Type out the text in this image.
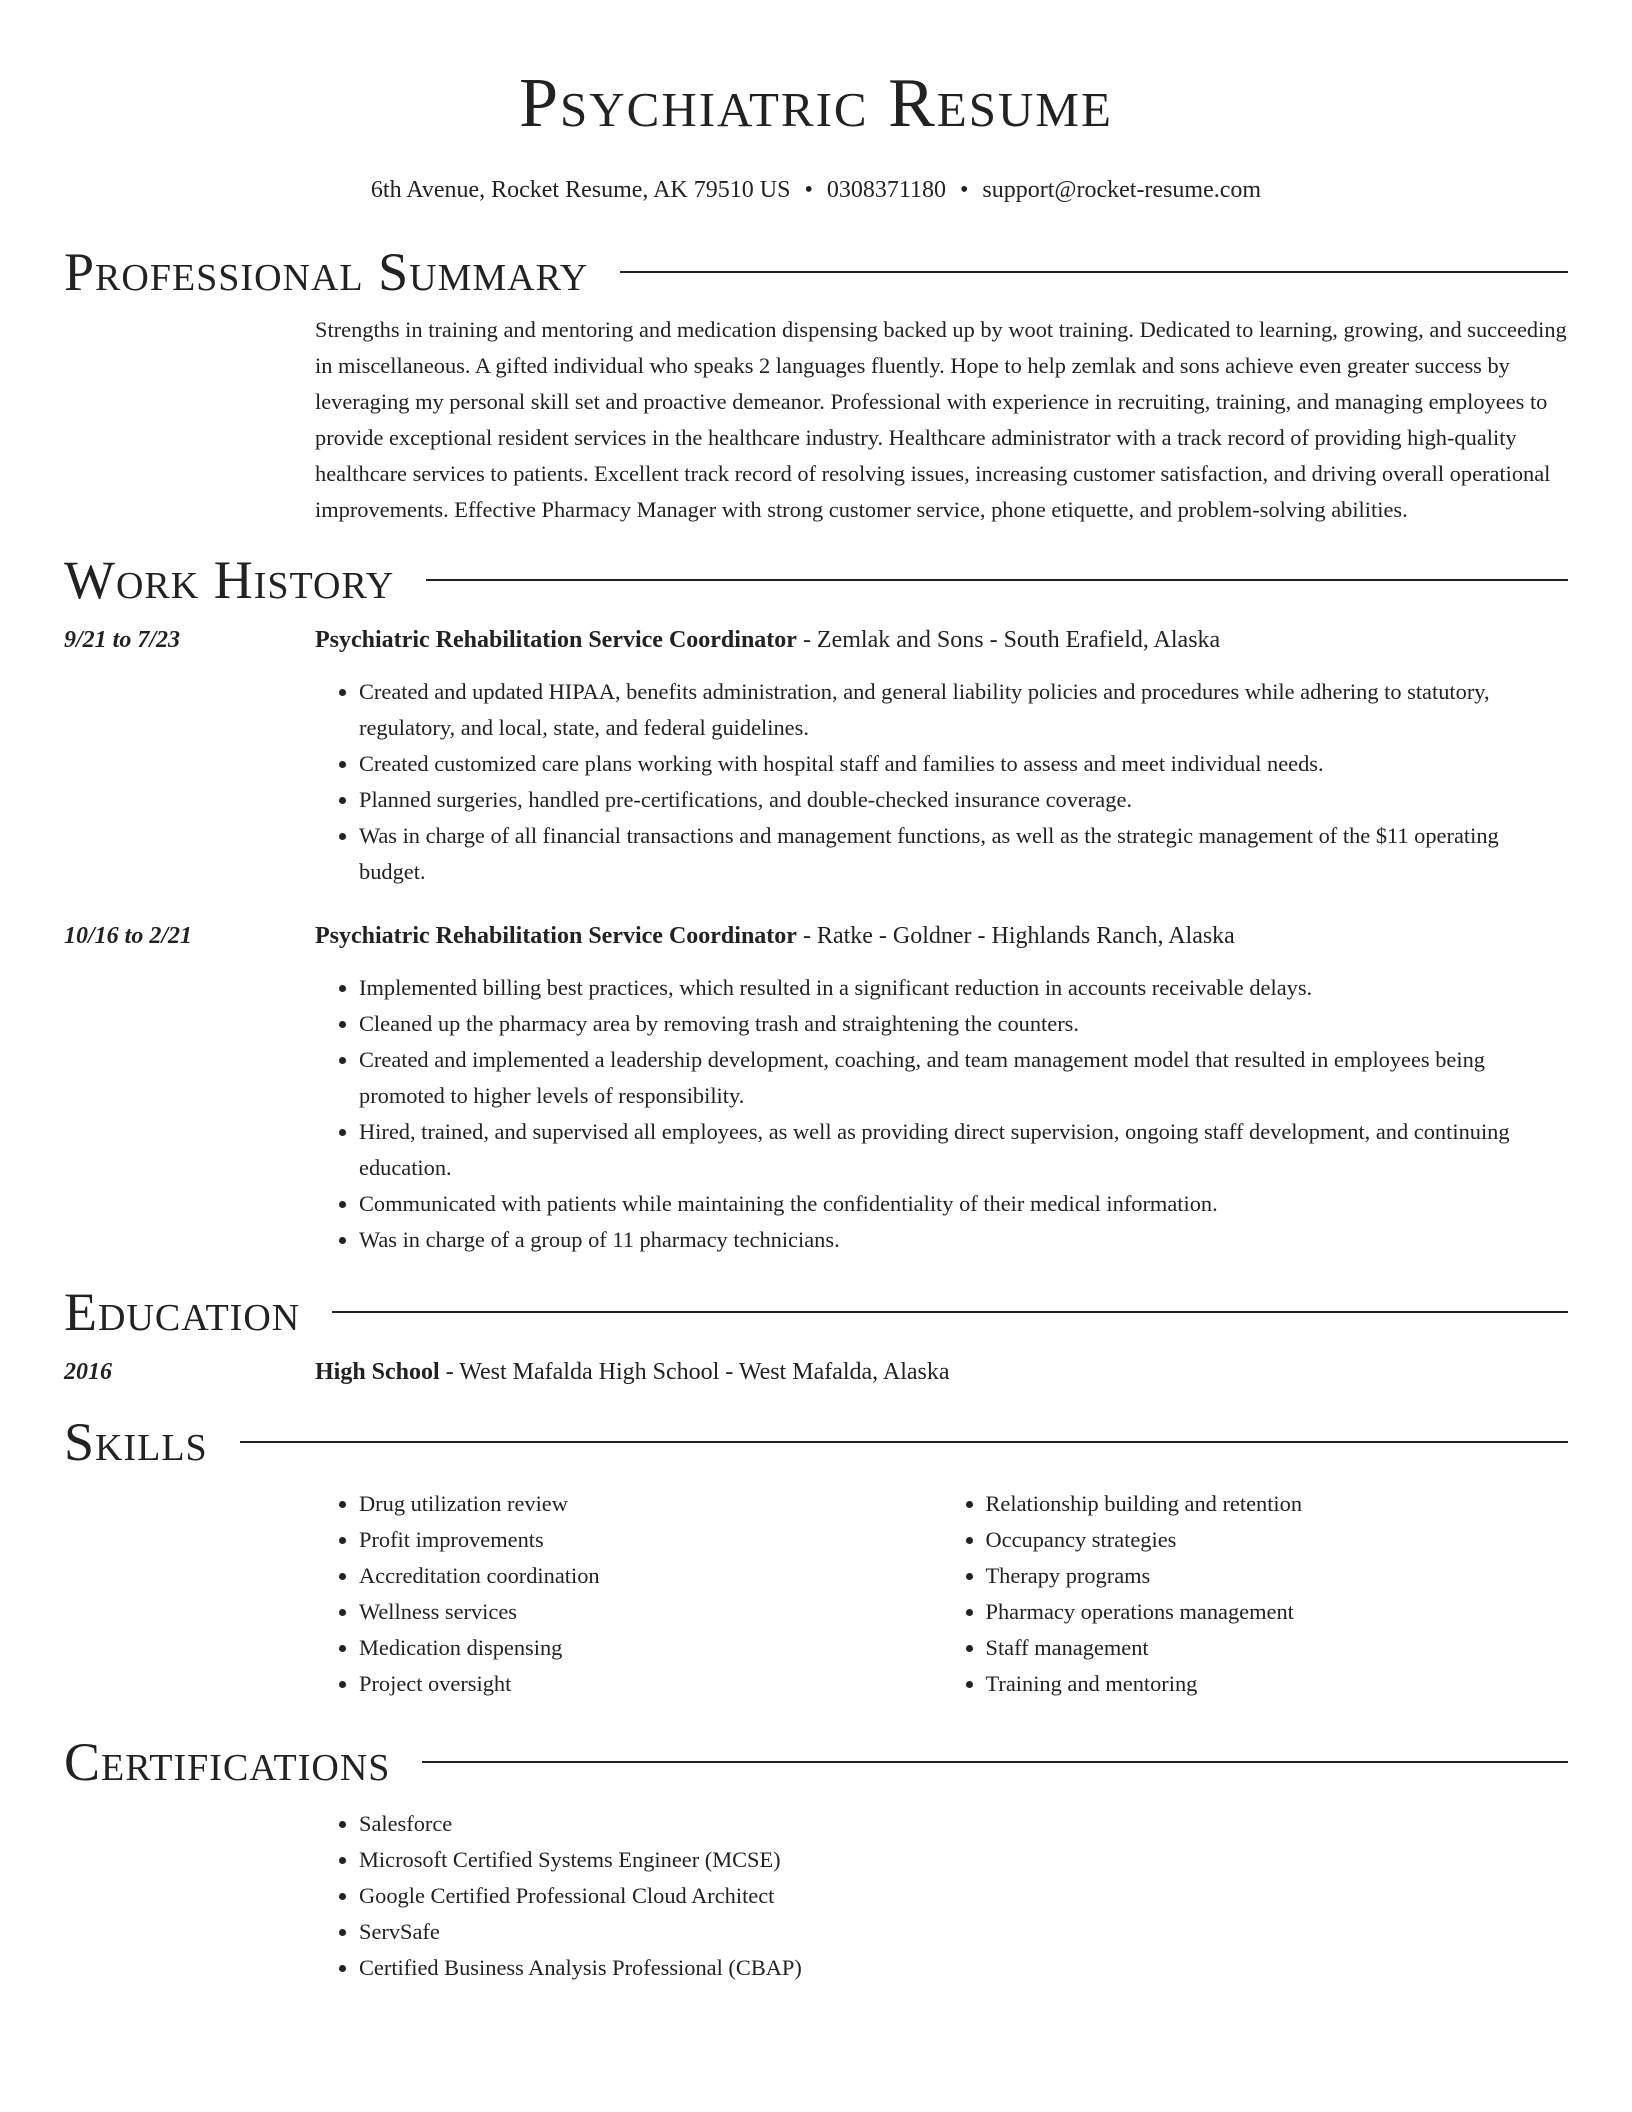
Psychiatric Resume
6th Avenue, Rocket Resume, AK 79510 US • 0308371180 • support@rocket-resume.com
Professional Summary

Strengths in training and mentoring and medication dispensing backed up by woot training. Dedicated to learning, growing, and succeeding in miscellaneous. A gifted individual who speaks 2 languages fluently. Hope to help zemlak and sons achieve even greater success by leveraging my personal skill set and proactive demeanor. Professional with experience in recruiting, training, and managing employees to provide exceptional resident services in the healthcare industry. Healthcare administrator with a track record of providing high-quality healthcare services to patients. Excellent track record of resolving issues, increasing customer satisfaction, and driving overall operational improvements. Effective Pharmacy Manager with strong customer service, phone etiquette, and problem-solving abilities.

Work History
9/21 to 7/23	Psychiatric Rehabilitation Service Coordinator - Zemlak and Sons - South Erafield, Alaska
• Created and updated HIPAA, benefits administration, and general liability policies and procedures while adhering to statutory, regulatory, and local, state, and federal guidelines.
• Created customized care plans working with hospital staff and families to assess and meet individual needs.
• Planned surgeries, handled pre-certifications, and double-checked insurance coverage.
• Was in charge of all financial transactions and management functions, as well as the strategic management of the $11 operating budget.
10/16 to 2/21	Psychiatric Rehabilitation Service Coordinator - Ratke - Goldner - Highlands Ranch, Alaska
• Implemented billing best practices, which resulted in a significant reduction in accounts receivable delays.
• Cleaned up the pharmacy area by removing trash and straightening the counters.
• Created and implemented a leadership development, coaching, and team management model that resulted in employees being promoted to higher levels of responsibility.
• Hired, trained, and supervised all employees, as well as providing direct supervision, ongoing staff development, and continuing education.
• Communicated with patients while maintaining the confidentiality of their medical information.
• Was in charge of a group of 11 pharmacy technicians.
Education
2016	High School - West Mafalda High School - West Mafalda, Alaska
Skills
• Drug utilization review
• Profit improvements
• Accreditation coordination
• Wellness services
• Medication dispensing
• Project oversight
• Relationship building and retention
• Occupancy strategies
• Therapy programs
• Pharmacy operations management
• Staff management
• Training and mentoring
Certifications
• Salesforce
• Microsoft Certified Systems Engineer (MCSE)
• Google Certified Professional Cloud Architect
• ServSafe
• Certified Business Analysis Professional (CBAP)
